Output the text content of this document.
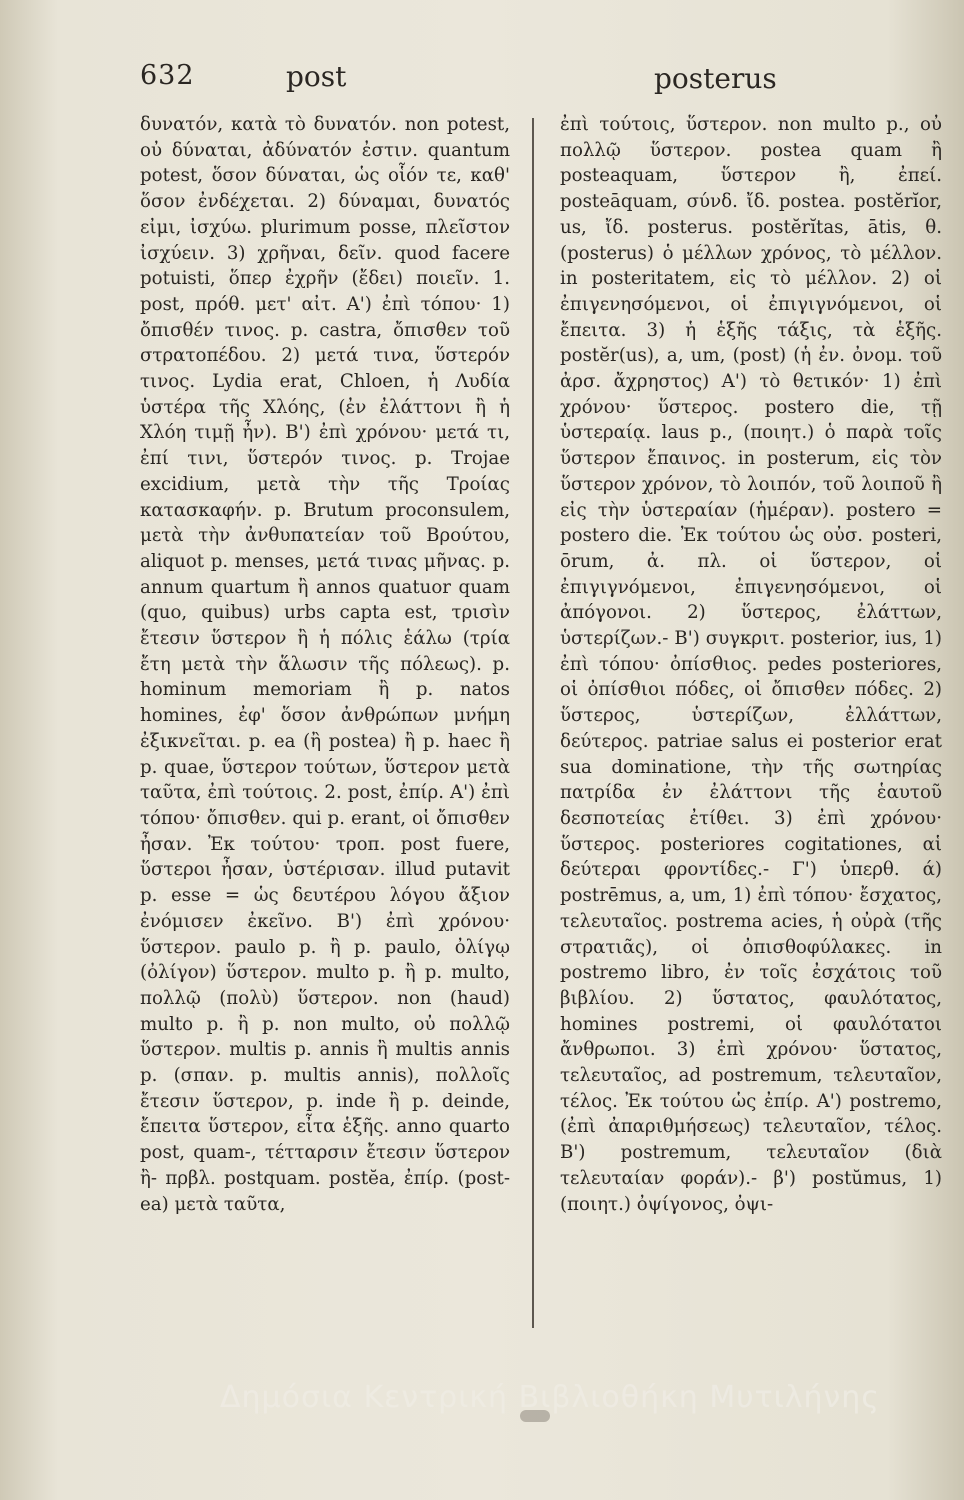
632	post	posterus

δυνατόν, κατὰ τὸ δυνατόν. non potest, οὐ δύναται, ἀδύνατόν ἐστιν. quantum potest, ὅσον δύναται, ὡς οἷόν τε, καθ' ὅσον ἐνδέχεται. 2) δύναμαι, δυνατός εἰμι, ἰσχύω. plurimum posse, πλεῖστον ἰσχύειν. 3) χρῆναι, δεῖν. quod facere potuisti, ὅπερ ἐχρῆν (ἔδει) ποιεῖν. 1. post, πρόθ. μετ' αἰτ. Α') ἐπὶ τόπου· 1) ὄπισθέν τινος. p. castra, ὄπισθεν τοῦ στρατοπέδου. 2) μετά τινα, ὕστερόν τινος. Lydia erat, Chloen, ἡ Λυδία ὑστέρα τῆς Χλόης, (ἐν ἐλάττονι ἢ ἡ Χλόη τιμῇ ἦν). Β') ἐπὶ χρόνου· μετά τι, ἐπί τινι, ὕστερόν τινος. p. Trojae excidium, μετὰ τὴν τῆς Τροίας κατασκαφήν. p. Brutum proconsulem, μετὰ τὴν ἀνθυπατείαν τοῦ Βρούτου, aliquot p. menses, μετά τινας μῆνας. p. annum quartum ἢ annos quatuor quam (quo, quibus) urbs capta est, τρισὶν ἔτεσιν ὕστερον ἢ ἡ πόλις ἑάλω (τρία ἔτη μετὰ τὴν ἅλωσιν τῆς πόλεως). p. hominum memoriam ἢ p. natos homines, ἐφ' ὅσον ἀνθρώπων μνήμη ἐξικνεῖται. p. ea (ἢ postea) ἢ p. haec ἢ p. quae, ὕστερον τούτων, ὕστερον μετὰ ταῦτα, ἐπὶ τούτοις. 2. post, ἐπίρ. Α') ἐπὶ τόπου· ὄπισθεν. qui p. erant, οἱ ὄπισθεν ἦσαν. Ἐκ τούτου· τροπ. post fuere, ὕστεροι ἦσαν, ὑστέρισαν. illud putavit p. esse = ὡς δευτέρου λόγου ἄξιον ἐνόμισεν ἐκεῖνο. Β') ἐπὶ χρόνου· ὕστερον. paulo p. ἢ p. paulo, ὀλίγῳ (ὀλίγον) ὕστερον. multo p. ἢ p. multo, πολλῷ (πολὺ) ὕστερον. non (haud) multo p. ἢ p. non multo, οὐ πολλῷ ὕστερον. multis p. annis ἢ multis annis p. (σπαν. p. multis annis), πολλοῖς ἔτεσιν ὕστερον, p. inde ἢ p. deinde, ἔπειτα ὕστερον, εἶτα ἑξῆς. anno quarto post, quam-, τέτταρσιν ἔτεσιν ὕστερον ἢ- πρβλ. postquam. postĕa, ἐπίρ. (post-ea) μετὰ ταῦτα,

ἐπὶ τούτοις, ὕστερον. non multo p., οὐ πολλῷ ὕστερον. postea quam ἢ posteaquam, ὕστερον ἢ, ἐπεί. posteāquam, σύνδ. ἴδ. postea. postĕrĭor, us, ἴδ. posterus. postĕrĭtas, ātis, θ. (posterus) ὁ μέλλων χρόνος, τὸ μέλλον. in posteritatem, εἰς τὸ μέλλον. 2) οἱ ἐπιγενησόμενοι, οἱ ἐπιγιγνόμενοι, οἱ ἔπειτα. 3) ἡ ἑξῆς τάξις, τὰ ἑξῆς. postĕr(us), a, um, (post) (ἡ ἐν. ὀνομ. τοῦ ἀρσ. ἄχρηστος) Α') τὸ θετικόν· 1) ἐπὶ χρόνου· ὕστερος. postero die, τῇ ὑστεραίᾳ. laus p., (ποιητ.) ὁ παρὰ τοῖς ὕστερον ἔπαινος. in posterum, εἰς τὸν ὕστερον χρόνον, τὸ λοιπόν, τοῦ λοιποῦ ἢ εἰς τὴν ὑστεραίαν (ἡμέραν). postero = postero die. Ἐκ τούτου ὡς οὐσ. posteri, ōrum, ἀ. πλ. οἱ ὕστερον, οἱ ἐπιγιγνόμενοι, ἐπιγενησόμενοι, οἱ ἀπόγονοι. 2) ὕστερος, ἐλάττων, ὑστερίζων.- Β') συγκριτ. posterior, ius, 1) ἐπὶ τόπου· ὀπίσθιος. pedes posteriores, οἱ ὀπίσθιοι πόδες, οἱ ὄπισθεν πόδες. 2) ὕστερος, ὑστερίζων, ἐλλάττων, δεύτερος. patriae salus ei posterior erat sua dominatione, τὴν τῆς σωτηρίας πατρίδα ἐν ἐλάττονι τῆς ἑαυτοῦ δεσποτείας ἐτίθει. 3) ἐπὶ χρόνου· ὕστερος. posteriores cogitationes, αἱ δεύτεραι φροντίδες.- Γ') ὑπερθ. ά) postrēmus, a, um, 1) ἐπὶ τόπου· ἔσχατος, τελευταῖος. postrema acies, ἡ οὐρὰ (τῆς στρατιᾶς), οἱ ὀπισθοφύλακες. in postremo libro, ἐν τοῖς ἐσχάτοις τοῦ βιβλίου. 2) ὕστατος, φαυλότατος, homines postremi, οἱ φαυλότατοι ἄνθρωποι. 3) ἐπὶ χρόνου· ὕστατος, τελευταῖος, ad postremum, τελευταῖον, τέλος. Ἐκ τούτου ὡς ἐπίρ. Α') postremo, (ἐπὶ ἀπαριθμήσεως) τελευταῖον, τέλος. Β') postremum, τελευταῖον (διὰ τελευταίαν φοράν).- β') postŭmus, 1) (ποιητ.) ὀψίγονος, ὀψι-

Δημόσια Κεντρική Βιβλιοθήκη Μυτιλήνης
